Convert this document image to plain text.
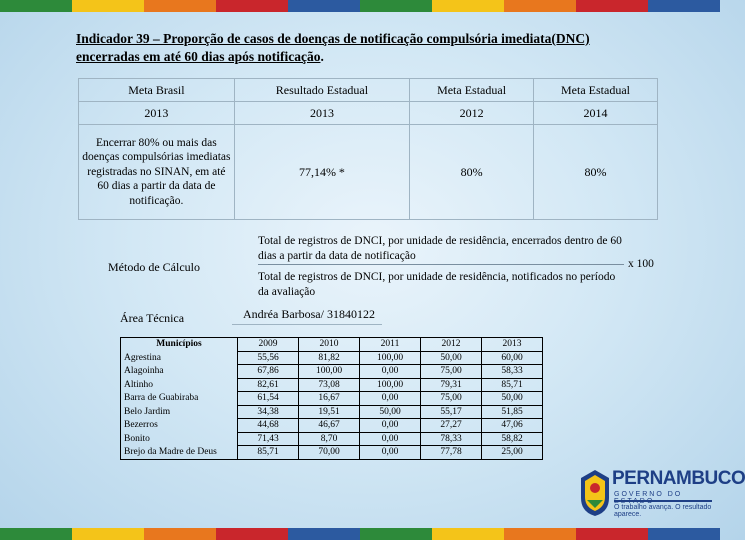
Indicador 39 – Proporção de casos de doenças de notificação compulsória imediata(DNC)
encerradas em até 60 dias após notificação.
Meta Brasil	Resultado Estadual	Meta Estadual	Meta Estadual
2013	2013	2012	2014
Encerrar 80% ou mais das doenças compulsórias imediatas registradas no SINAN, em até 60 dias a partir da data de notificação.	77,14% *	80%	80%
Método de Cálculo
Total de registros de DNCI, por unidade de residência, encerrados dentro de 60 dias a partir da data de notificação
Total de registros de DNCI, por unidade de residência, notificados no período da avaliação
x 100
Área Técnica	Andréa Barbosa/ 31840122
Municípios	2009	2010	2011	2012	2013
Agrestina	55,56	81,82	100,00	50,00	60,00
Alagoinha	67,86	100,00	0,00	75,00	58,33
Altinho	82,61	73,08	100,00	79,31	85,71
Barra de Guabiraba	61,54	16,67	0,00	75,00	50,00
Belo Jardim	34,38	19,51	50,00	55,17	51,85
Bezerros	44,68	46,67	0,00	27,27	47,06
Bonito	71,43	8,70	0,00	78,33	58,82
Brejo da Madre de Deus	85,71	70,00	0,00	77,78	25,00
PERNAMBUCO
GOVERNO DO
O trabalho avança. O resultado aparece.
